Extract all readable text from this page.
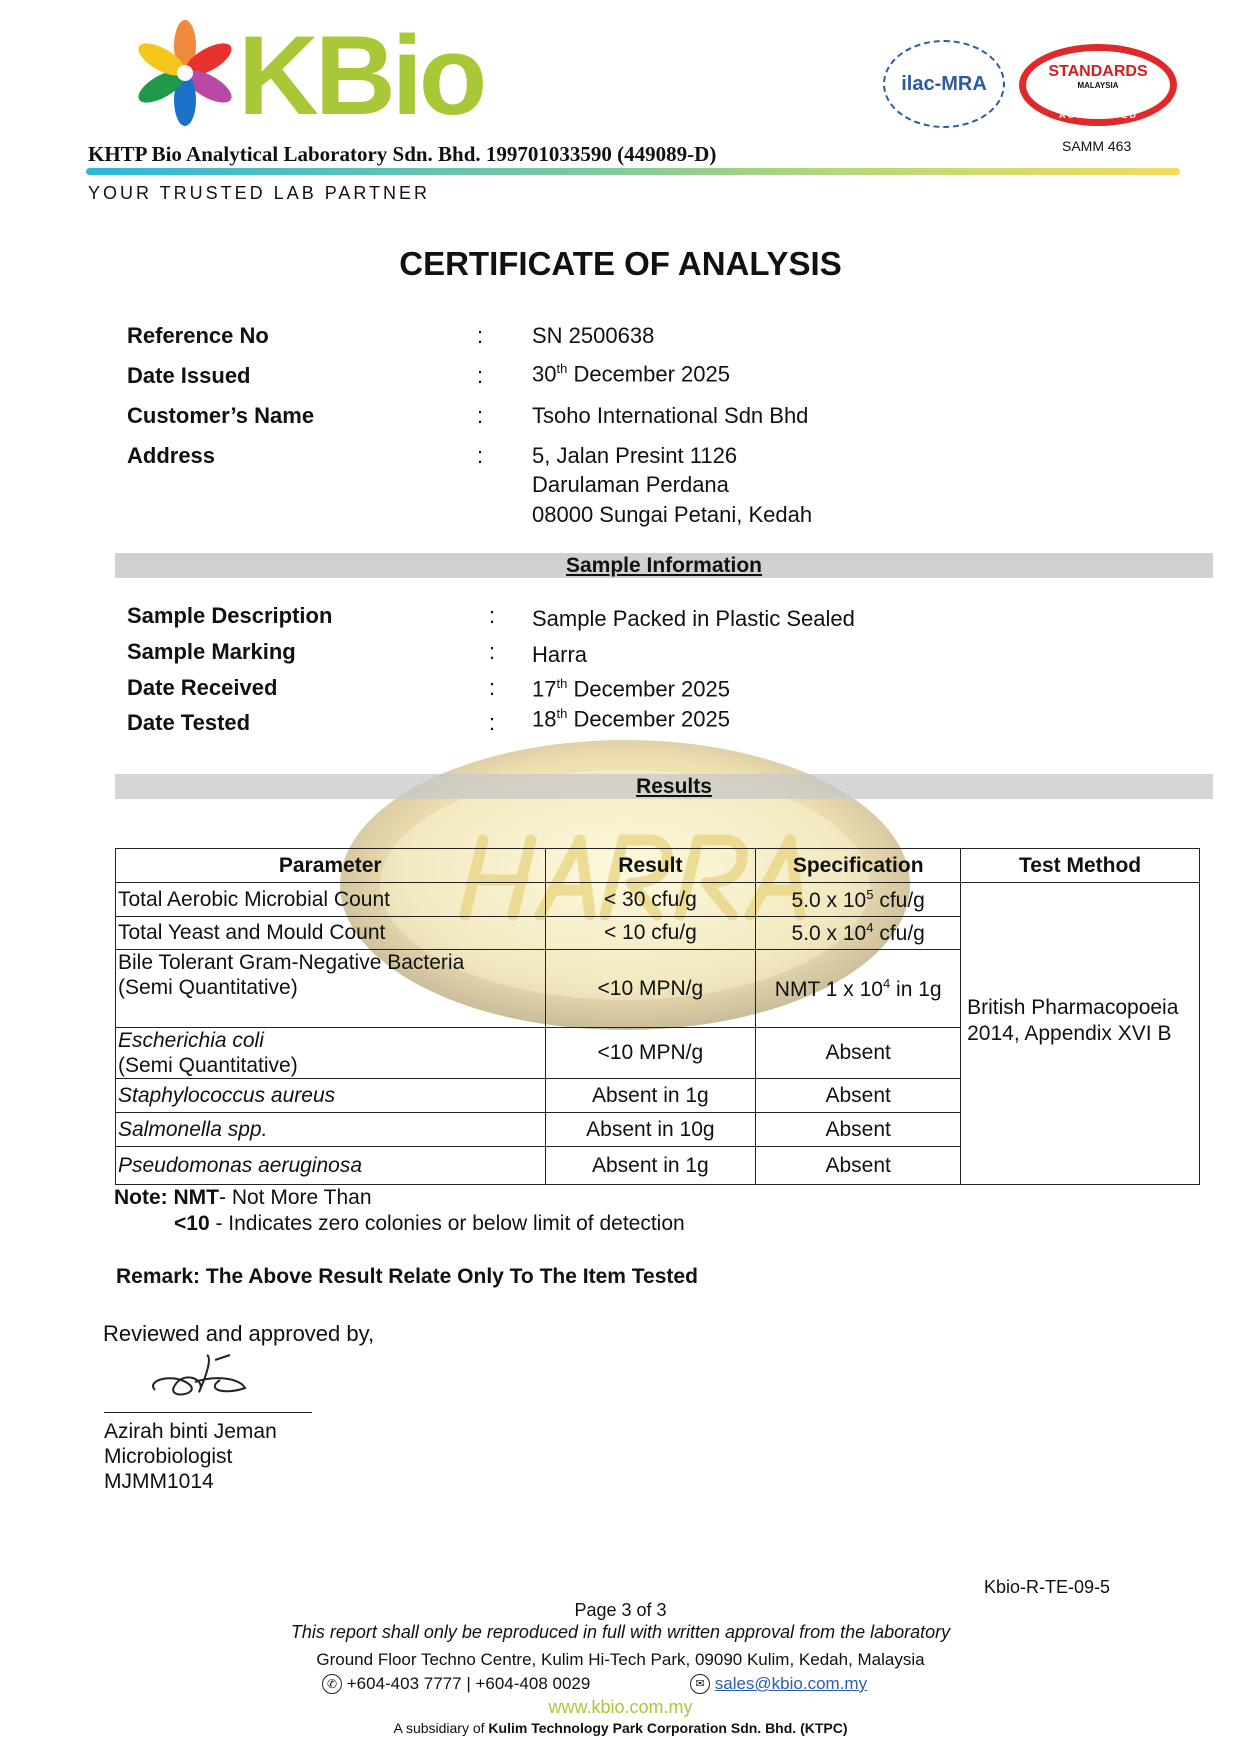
KBio
KHTP Bio Analytical Laboratory Sdn. Bhd. 199701033590 (449089-D)
YOUR TRUSTED LAB PARTNER
ilac-MRA
STANDARDS
MALAYSIA
ACCREDITED
SAMM 463
CERTIFICATE OF ANALYSIS
Reference No	: SN 2500638
Date Issued	: 30th December 2025
Customer’s Name	: Tsoho International Sdn Bhd
Address	: 5, Jalan Presint 1126
Darulaman Perdana
08000 Sungai Petani, Kedah
Sample Information
Sample Description	: Sample Packed in Plastic Sealed
Sample Marking	: Harra
Date Received	: 17th December 2025
Date Tested	: 18th December 2025
Results
Parameter	Result	Specification	Test Method
Total Aerobic Microbial Count	< 30 cfu/g	5.0 x $10^5$ cfu/g	British Pharmacopoeia 2014, Appendix XVI B
Total Yeast and Mould Count	< 10 cfu/g	5.0 x $10^4$ cfu/g	

Bile Tolerant Gram-Negative Bacteria
(Semi Quantitative)	<10 MPN/g	NMT 1 x $10^4$ in 1g	

Escherichia coli
(Semi Quantitative)	<10 MPN/g	Absent	
Staphylococcus aureus	Absent in 1g	Absent	
Salmonella spp.	Absent in 10g	Absent	
Pseudomonas aeruginosa	Absent in 1g	Absent	
Note: NMT- Not More Than
<10 - Indicates zero colonies or below limit of detection
Remark: The Above Result Relate Only To The Item Tested
Reviewed and approved by,
Azirah binti Jeman
Microbiologist
MJMM1014
Kbio-R-TE-09-5
Page 3 of 3
This report shall only be reproduced in full with written approval from the laboratory
Ground Floor Techno Centre, Kulim Hi-Tech Park, 09090 Kulim, Kedah, Malaysia
✆ +604-403 7777 | +604-408 0029	✉ sales@kbio.com.my
www.kbio.com.my
A subsidiary of Kulim Technology Park Corporation Sdn. Bhd. (KTPC)
